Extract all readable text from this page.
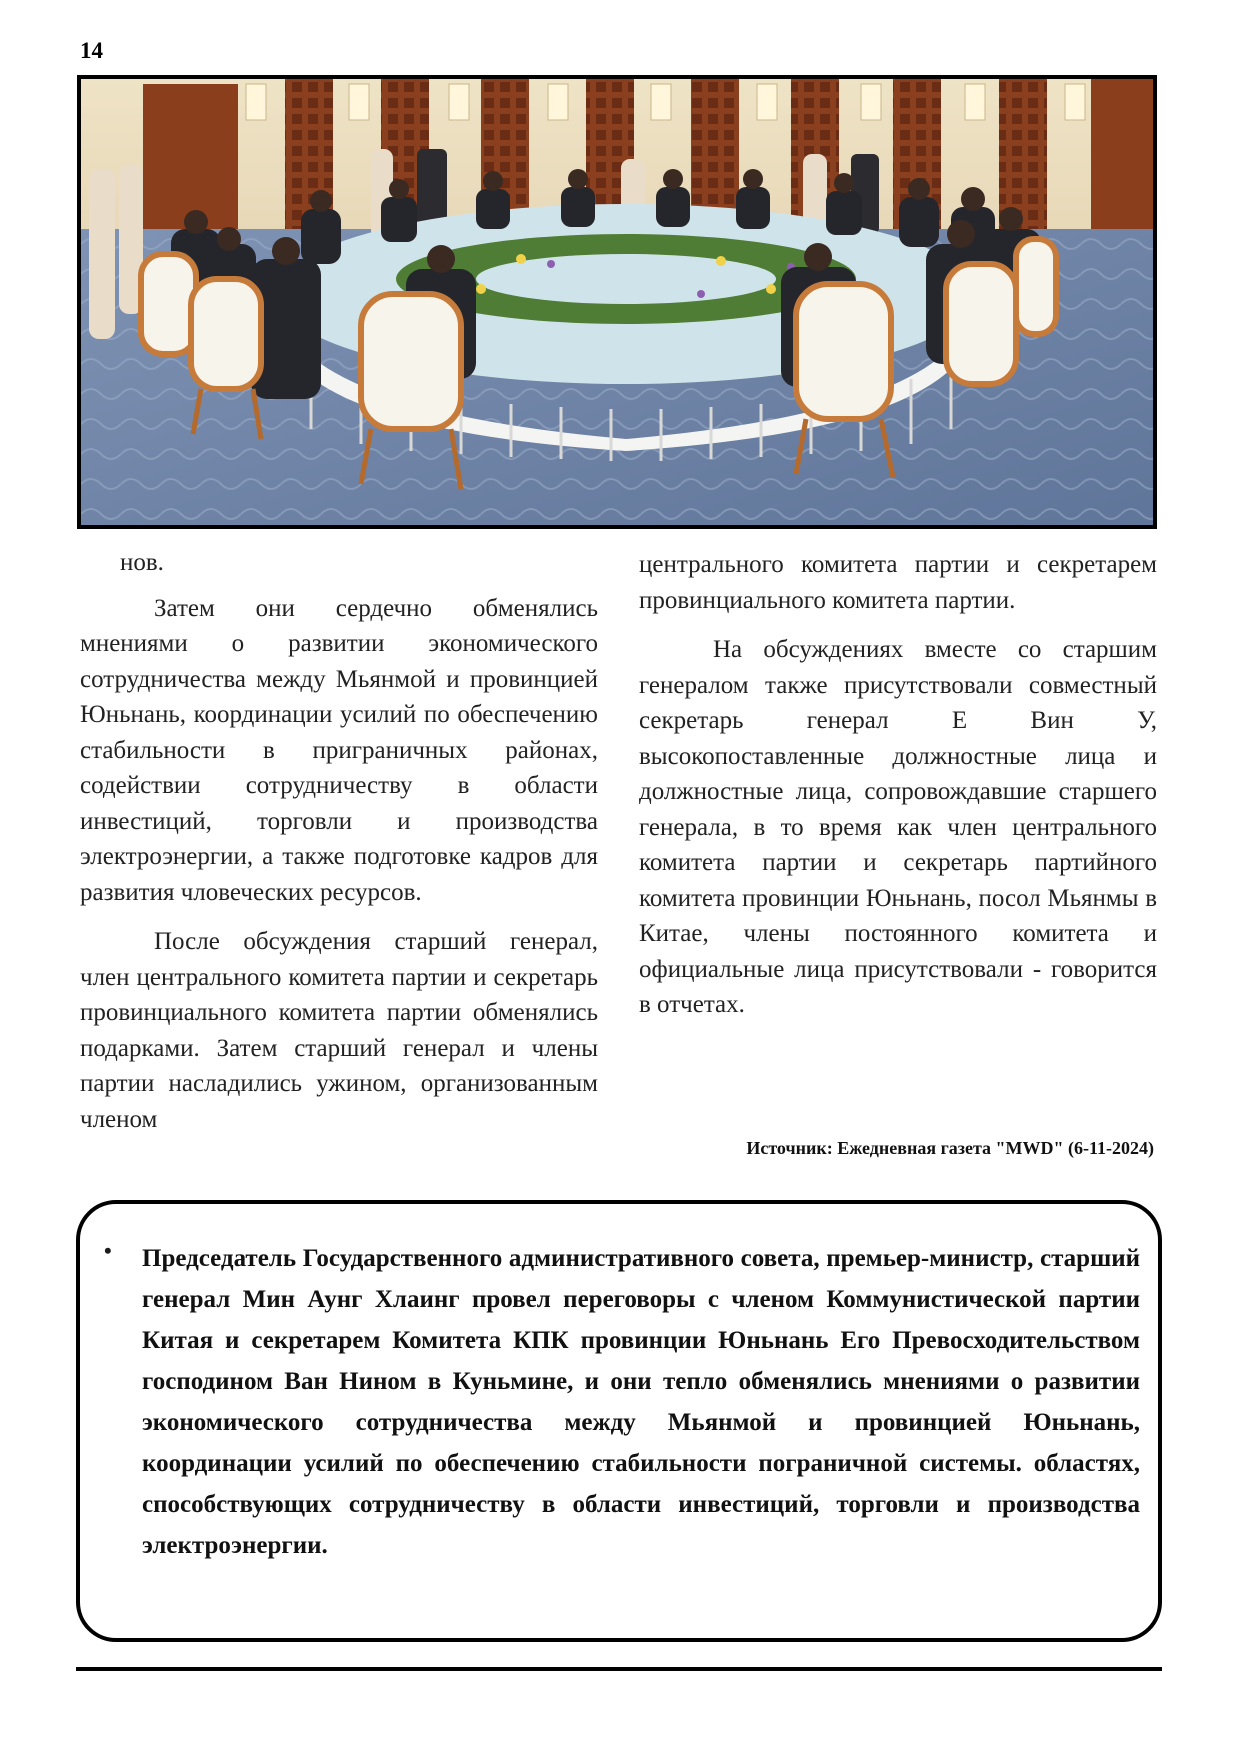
14

нов.

Затем они сердечно обменялись мнениями о развитии экономического сотрудничества между Мьянмой и провинцией Юньнань, координации усилий по обеспечению стабильности в приграничных районах, содействии сотрудничеству в области инвестиций, торговли и производства электроэнергии, а также подготовке кадров для развития чловеческих ресурсов.

После обсуждения старший генерал, член центрального комитета партии и секретарь провинциального комитета партии обменялись подарками. Затем старший генерал и члены партии насладились ужином, организованным членом

центрального комитета партии и секретарем провинциального комитета партии.

На обсуждениях вместе со старшим генералом также присутствовали совместный секретарь генерал Е Вин У, высокопоставленные должностные лица и должностные лица, сопровождавшие старшего генерала, в то время как член центрального комитета партии и секретарь партийного комитета провинции Юньнань, посол Мьянмы в Китае, члены постоянного комитета и официальные лица присутствовали - говорится в отчетах.

Источник: Ежедневная газета "MWD" (6-11-2024)
• Председатель Государственного административного совета, премьер-министр, старший генерал Мин Аунг Хлаинг провел переговоры с членом Коммунистической партии Китая и секретарем Комитета КПК провинции Юньнань Его Превосходительством господином Ван Нином в Куньмине, и они тепло обменялись мнениями о развитии экономического сотрудничества между Мьянмой и провинцией Юньнань, координации усилий по обеспечению стабильности пограничной системы. областях, способствующих сотрудничеству в области инвестиций, торговли и производства электроэнергии.
